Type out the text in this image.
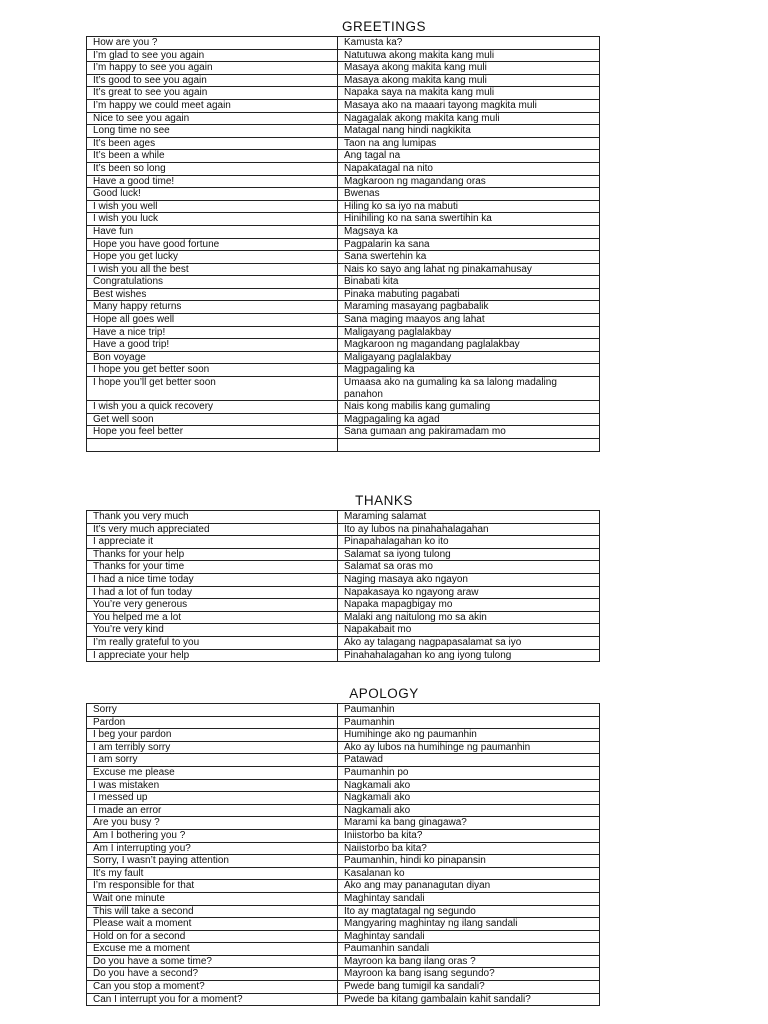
GREETINGS
How are you ?	Kamusta ka?
I’m glad to see you again	Natutuwa akong makita kang muli
I’m happy to see you again	Masaya akong makita kang muli
It’s good to see you again	Masaya akong makita kang muli
It’s great to see you again	Napaka saya na makita kang muli
I’m happy we could meet again	Masaya ako na maaari tayong magkita muli
Nice to see you again	Nagagalak akong makita kang muli
Long time no see	Matagal nang hindi nagkikita
It’s been ages	Taon na ang lumipas
It’s been a while	Ang tagal na
It’s been so long	Napakatagal na nito
Have a good time!	Magkaroon ng magandang oras
Good luck!	Bwenas
I wish you well	Hiling ko sa iyo na mabuti
I wish you luck	Hinihiling ko na sana swertihin ka
Have fun	Magsaya ka
Hope you have good fortune	Pagpalarin ka sana
Hope you get lucky	Sana swertehin ka
I wish you all the best	Nais ko sayo ang lahat ng pinakamahusay
Congratulations	Binabati kita
Best wishes	Pinaka mabuting pagabati
Many happy returns	Maraming masayang pagbabalik
Hope all goes well	Sana maging maayos ang lahat
Have a nice trip!	Maligayang paglalakbay
Have a good trip!	Magkaroon ng magandang paglalakbay
Bon voyage	Maligayang paglalakbay
I hope you get better soon	Magpagaling ka
I hope you’ll get better soon	Umaasa ako na gumaling ka sa lalong madaling panahon
I wish you a quick recovery	Nais kong mabilis kang gumaling
Get well soon	Magpagaling ka agad
Hope you feel better	Sana gumaan ang pakiramadam mo

THANKS
Thank you very much	Maraming salamat
It’s very much appreciated	Ito ay lubos na pinahahalagahan
I appreciate it	Pinapahalagahan ko ito
Thanks for your help	Salamat sa iyong tulong
Thanks for your time	Salamat sa oras mo
I had a nice time today	Naging masaya ako ngayon
I had a lot of fun today	Napakasaya ko ngayong araw
You’re very generous	Napaka mapagbigay mo
You helped me a lot	Malaki ang naitulong mo sa akin
You’re very kind	Napakabait mo
I’m really grateful to you	Ako ay talagang nagpapasalamat sa iyo
I appreciate your help	Pinahahalagahan ko ang iyong tulong
APOLOGY
Sorry	Paumanhin
Pardon	Paumanhin
I beg your pardon	Humihinge ako ng paumanhin
I am terribly sorry	Ako ay lubos na humihinge ng paumanhin
I am sorry	Patawad
Excuse me please	Paumanhin po
I was mistaken	Nagkamali ako
I messed up	Nagkamali ako
I made an error	Nagkamali ako
Are you busy ?	Marami ka bang ginagawa?
Am I bothering you ?	Iniistorbo ba kita?
Am I interrupting you?	Naiistorbo ba kita?
Sorry, I wasn’t paying attention	Paumanhin, hindi ko pinapansin
It’s my fault	Kasalanan ko
I’m responsible for that	Ako ang may pananagutan diyan
Wait one minute	Maghintay sandali
This will take a second	Ito ay magtatagal ng segundo
Please wait a moment	Mangyaring maghintay ng ilang sandali
Hold on for a second	Maghintay sandali
Excuse me a moment	Paumanhin sandali
Do you have a some time?	Mayroon ka bang ilang oras ?
Do you have a second?	Mayroon ka bang isang segundo?
Can you stop a moment?	Pwede bang tumigil ka sandali?
Can I interrupt you for a moment?	Pwede ba kitang gambalain kahit sandali?
